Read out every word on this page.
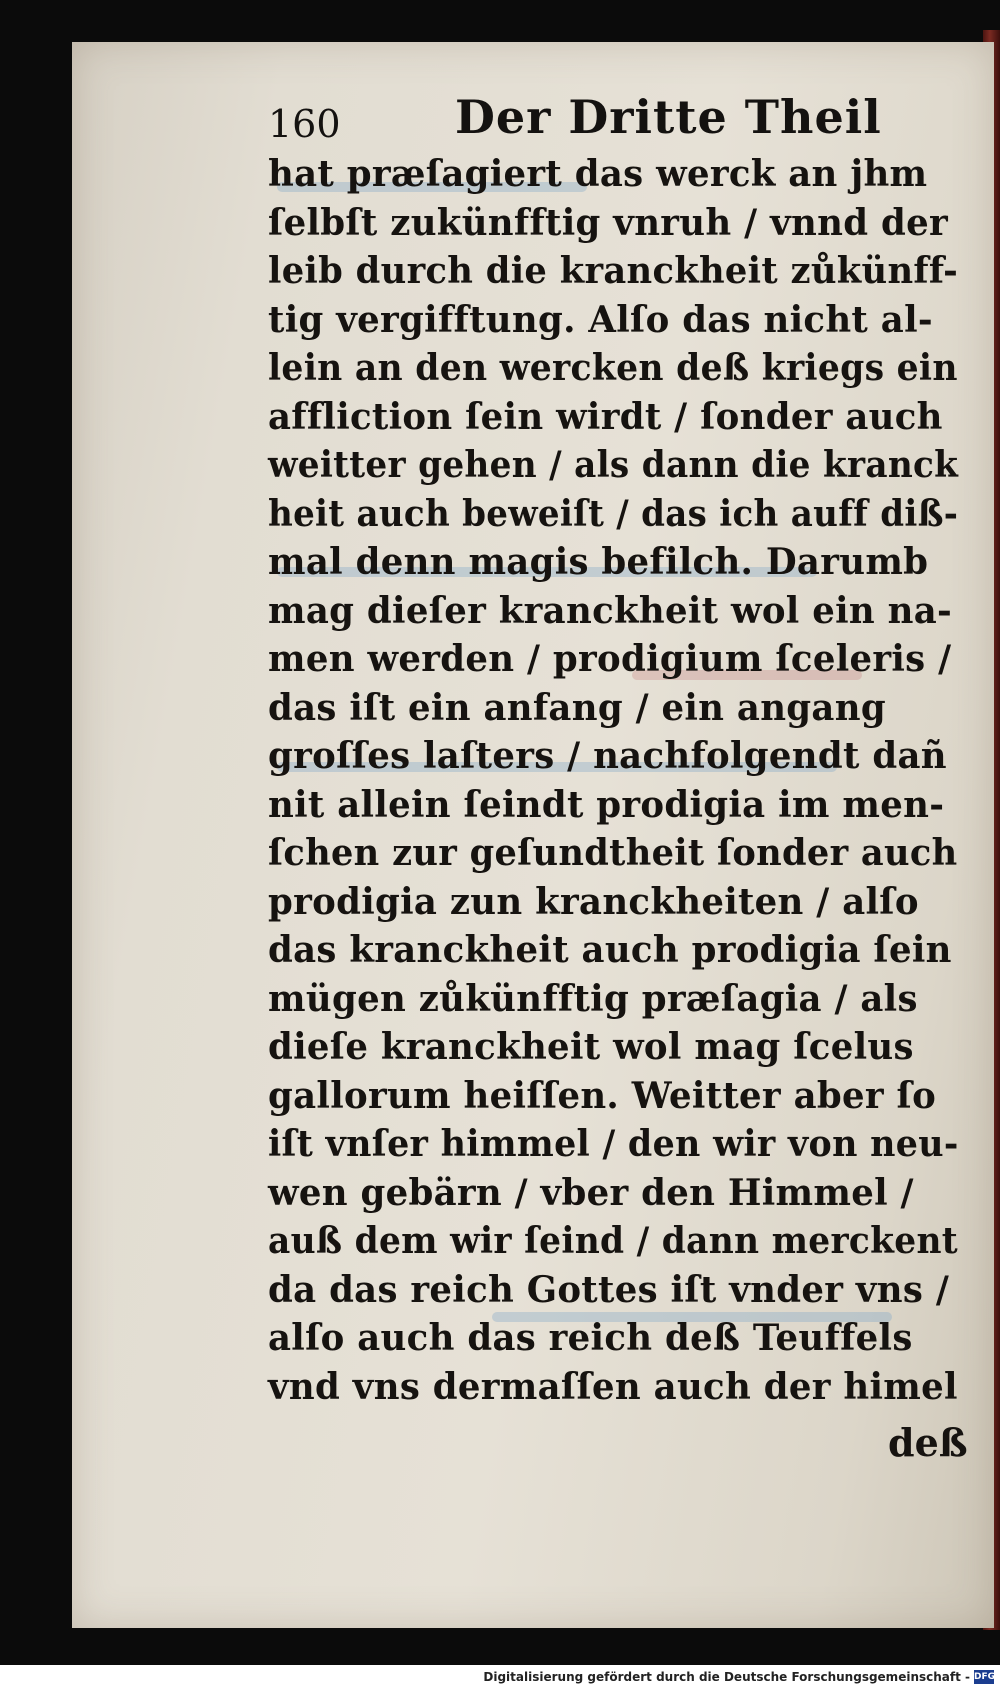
160 Der Dritte Theil
hat præſagiert das werck an jhm
ſelbſt zukünfftig vnruh / vnnd der
leib durch die kranckheit zůkünff-
tig vergifftung. Alſo das nicht al-
lein an den wercken deß kriegs ein
affliction ſein wirdt / ſonder auch
weitter gehen / als dann die kranck
heit auch beweiſt / das ich auff diß-
mal denn magis befilch. Darumb
mag dieſer kranckheit wol ein na-
men werden / prodigium ſceleris /
das iſt ein anfang / ein angang
groſſes laſters / nachfolgendt dañ
nit allein ſeindt prodigia im men-
ſchen zur geſundtheit ſonder auch
prodigia zun kranckheiten / alſo
das kranckheit auch prodigia ſein
mügen zůkünfftig præſagia / als
dieſe kranckheit wol mag ſcelus
gallorum heiſſen. Weitter aber ſo
iſt vnſer himmel / den wir von neu-
wen gebärn / vber den Himmel /
auß dem wir ſeind / dann merckent
da das reich Gottes iſt vnder vns /
alſo auch das reich deß Teuffels
vnd vns dermaſſen auch der himel
deß
Digitalisierung gefördert durch die Deutsche Forschungsgemeinschaft - DFG
